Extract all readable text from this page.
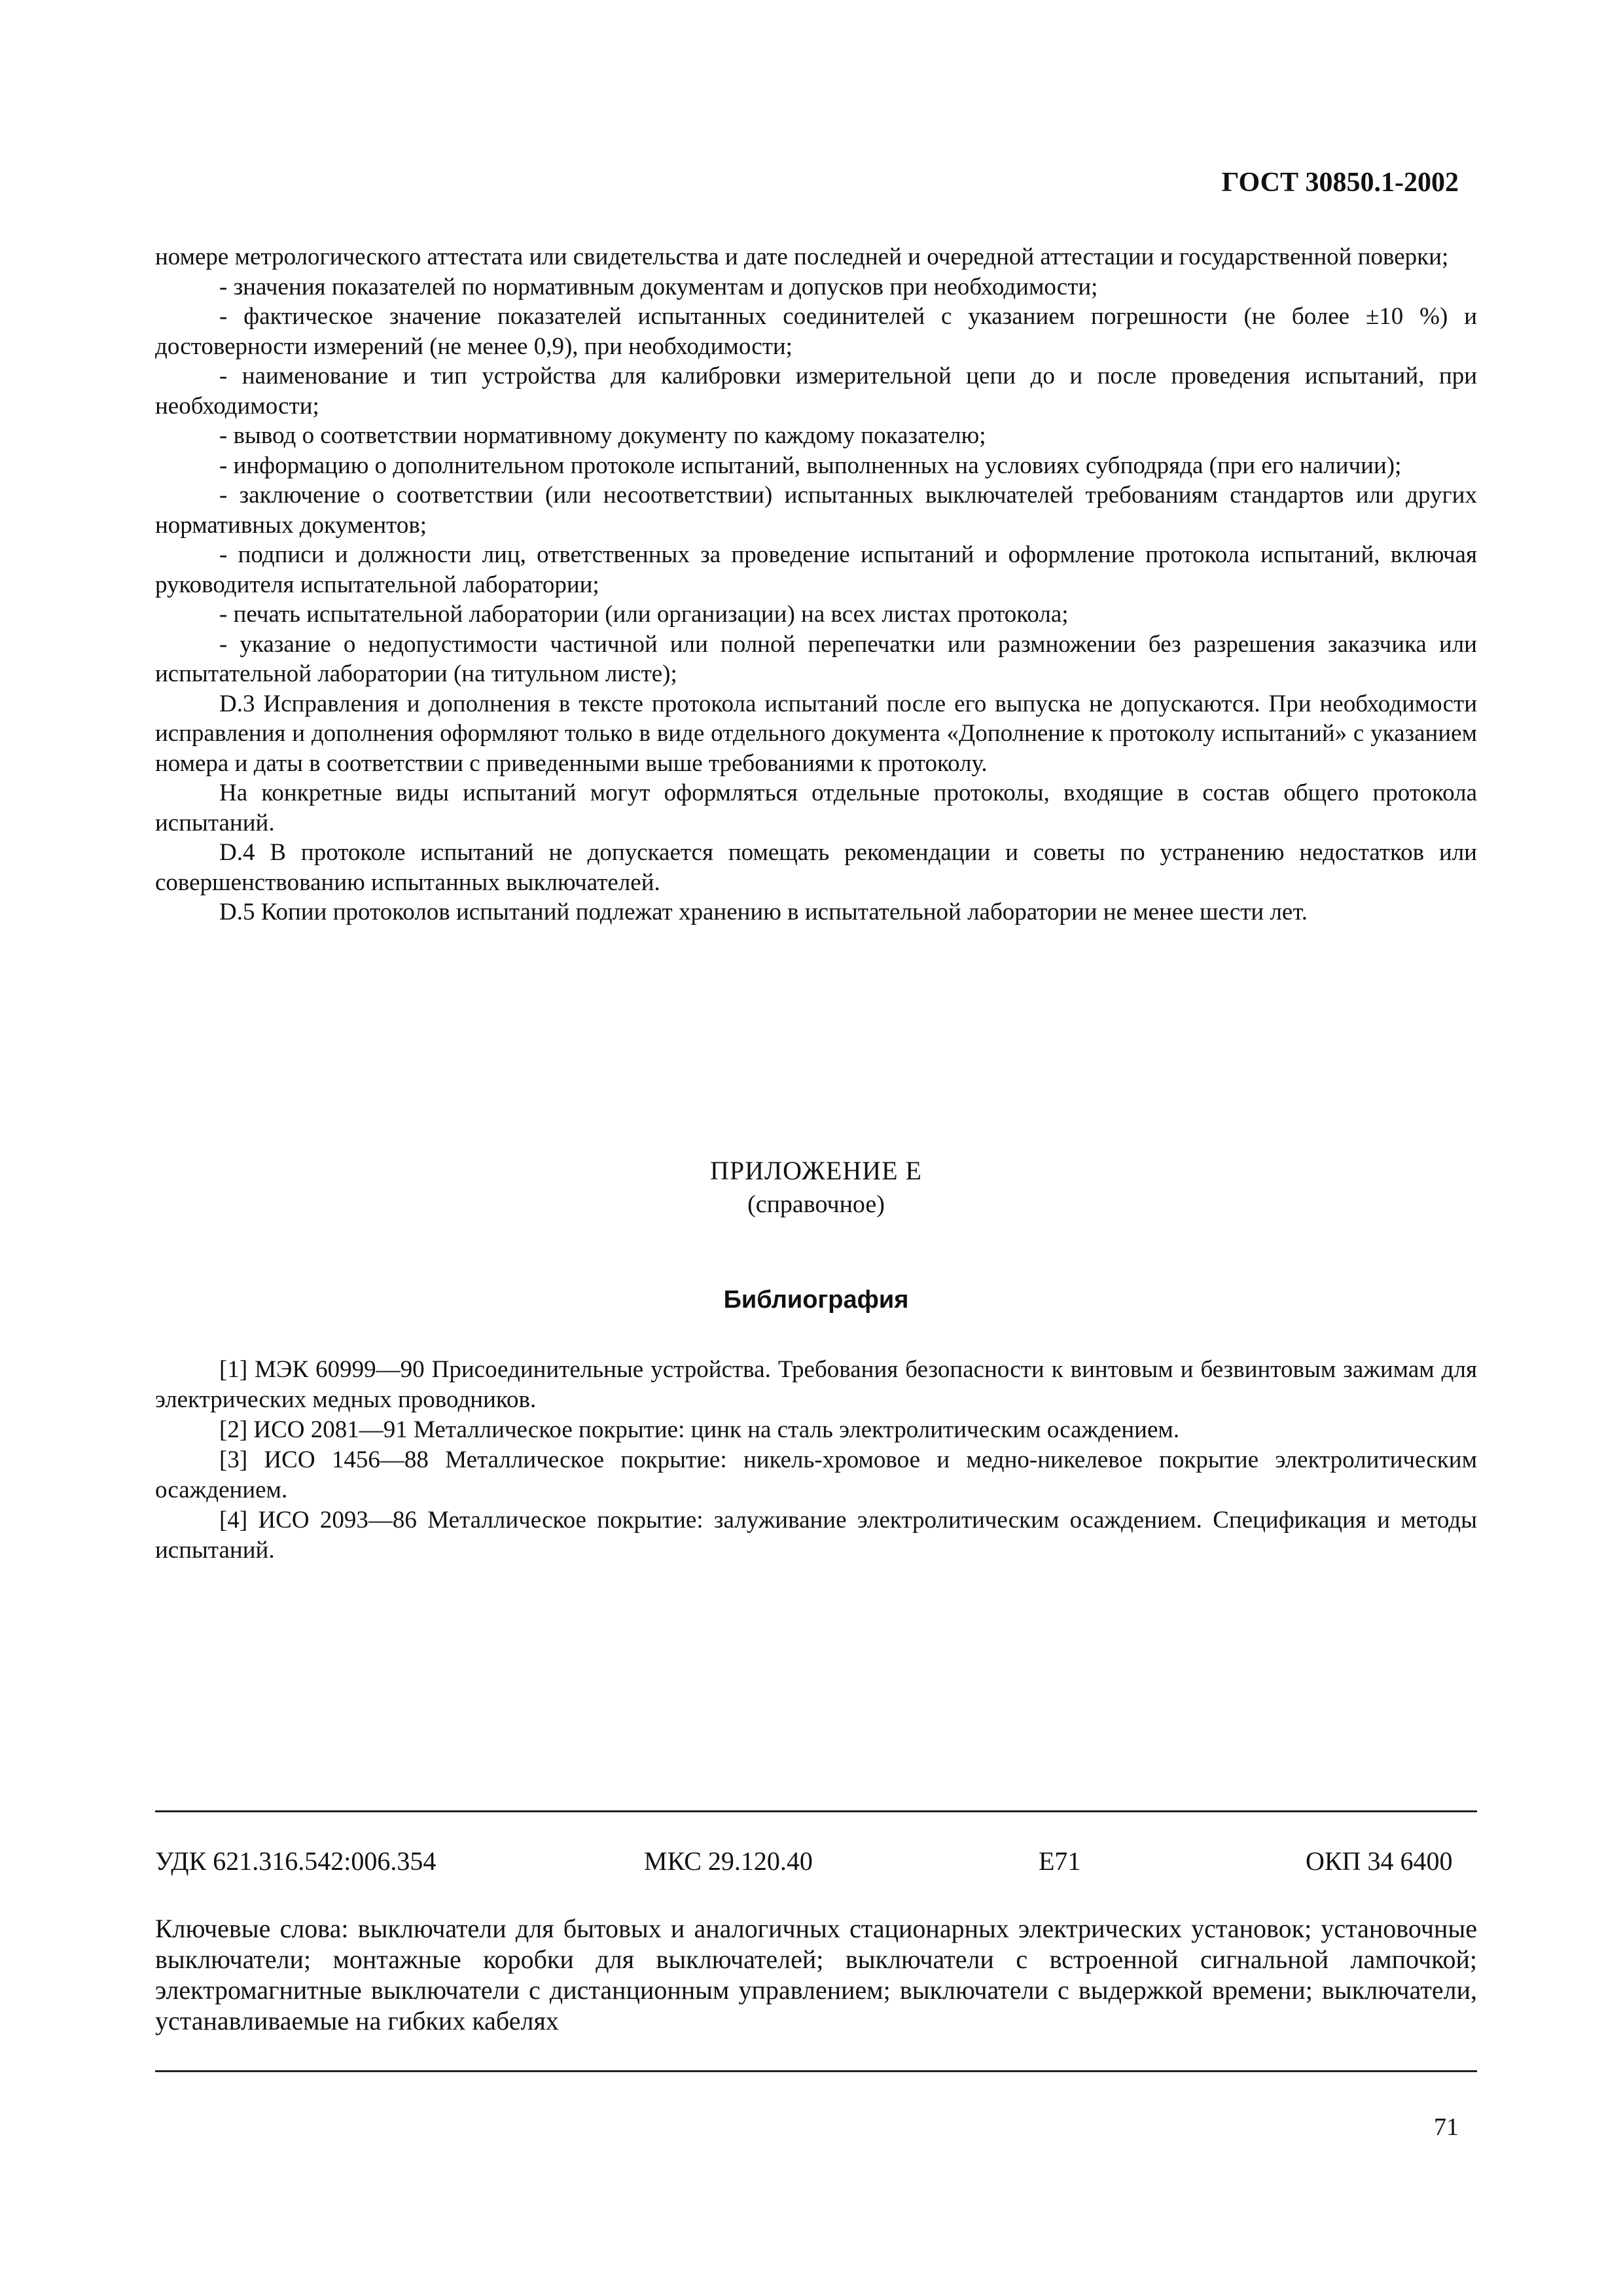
ГОСТ 30850.1-2002

номере метрологического аттестата или свидетельства и дате последней и очередной аттестации и государственной поверки;

- значения показателей по нормативным документам и допусков при необходимости;

- фактическое значение показателей испытанных соединителей с указанием погрешности (не более ±10 %) и достоверности измерений (не менее 0,9), при необходимости;

- наименование и тип устройства для калибровки измерительной цепи до и после проведения испытаний, при необходимости;

- вывод о соответствии нормативному документу по каждому показателю;

- информацию о дополнительном протоколе испытаний, выполненных на условиях субподряда (при его наличии);

- заключение о соответствии (или несоответствии) испытанных выключателей требованиям стандартов или других нормативных документов;

- подписи и должности лиц, ответственных за проведение испытаний и оформление протокола испытаний, включая руководителя испытательной лаборатории;

- печать испытательной лаборатории (или организации) на всех листах протокола;

- указание о недопустимости частичной или полной перепечатки или размножении без разрешения заказчика или испытательной лаборатории (на титульном листе);

D.3 Исправления и дополнения в тексте протокола испытаний после его выпуска не допускаются. При необходимости исправления и дополнения оформляют только в виде отдельного документа «Дополнение к протоколу испытаний» с указанием номера и даты в соответствии с приведенными выше требованиями к протоколу.

На конкретные виды испытаний могут оформляться отдельные протоколы, входящие в состав общего протокола испытаний.

D.4 В протоколе испытаний не допускается помещать рекомендации и советы по устранению недостатков или совершенствованию испытанных выключателей.

D.5 Копии протоколов испытаний подлежат хранению в испытательной лаборатории не менее шести лет.

ПРИЛОЖЕНИЕ Е
(справочное)
Библиография

[1] МЭК 60999—90 Присоединительные устройства. Требования безопасности к винтовым и безвинтовым зажимам для электрических медных проводников.

[2] ИСО 2081—91 Металлическое покрытие: цинк на сталь электролитическим осаждением.

[3] ИСО 1456—88 Металлическое покрытие: никель-хромовое и медно-никелевое покрытие электролитическим осаждением.

[4] ИСО 2093—86 Металлическое покрытие: залуживание электролитическим осаждением. Спецификация и методы испытаний.

УДК 621.316.542:006.354	МКС 29.120.40	Е71	ОКП 34 6400
Ключевые слова: выключатели для бытовых и аналогичных стационарных электрических установок; установочные выключатели; монтажные коробки для выключателей; выключатели с встроенной сигнальной лампочкой; электромагнитные выключатели с дистанционным управлением; выключатели с выдержкой времени; выключатели, устанавливаемые на гибких кабелях
71
